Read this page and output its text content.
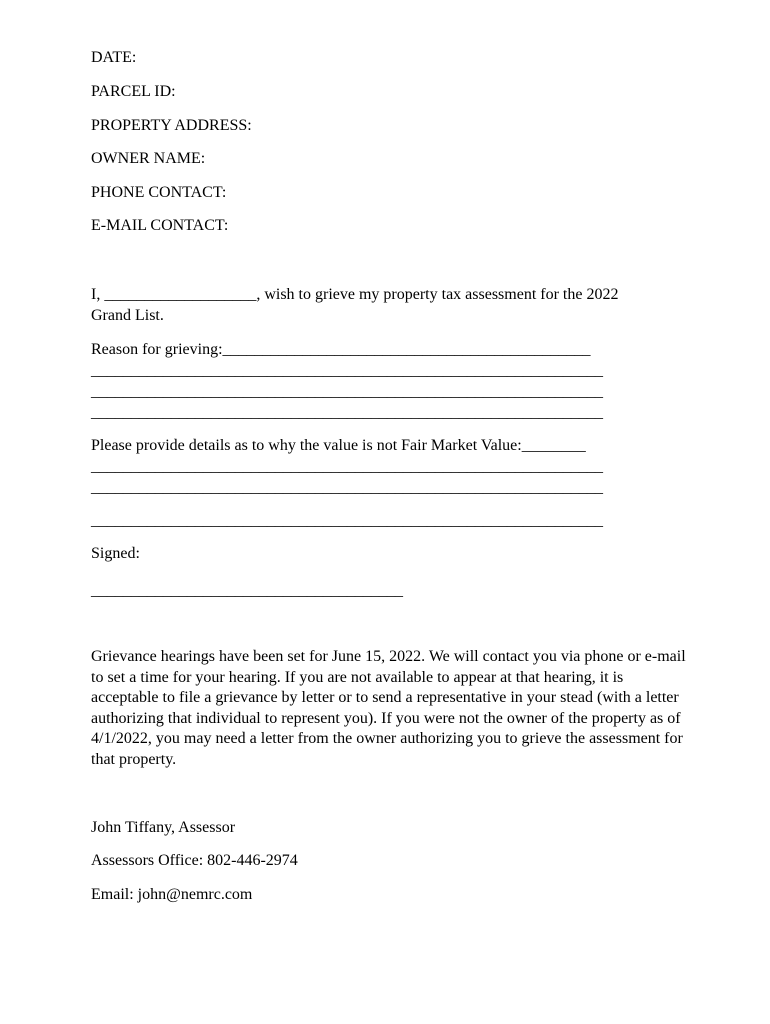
DATE:

PARCEL ID:

PROPERTY ADDRESS:

OWNER NAME:

PHONE CONTACT:

E-MAIL CONTACT:

I, ___________________, wish to grieve my property tax assessment for the 2022

Grand List.

Reason for grieving:______________________________________________

________________________________________________________________

________________________________________________________________

________________________________________________________________

Please provide details as to why the value is not Fair Market Value:________

________________________________________________________________

________________________________________________________________

________________________________________________________________

Signed:

_______________________________________

Grievance hearings have been set for June 15, 2022. We will contact you via phone or e-mail to set a time for your hearing. If you are not available to appear at that hearing, it is acceptable to file a grievance by letter or to send a representative in your stead (with a letter authorizing that individual to represent you). If you were not the owner of the property as of 4/1/2022, you may need a letter from the owner authorizing you to grieve the assessment for that property.

John Tiffany, Assessor

Assessors Office: 802-446-2974

Email: john@nemrc.com
